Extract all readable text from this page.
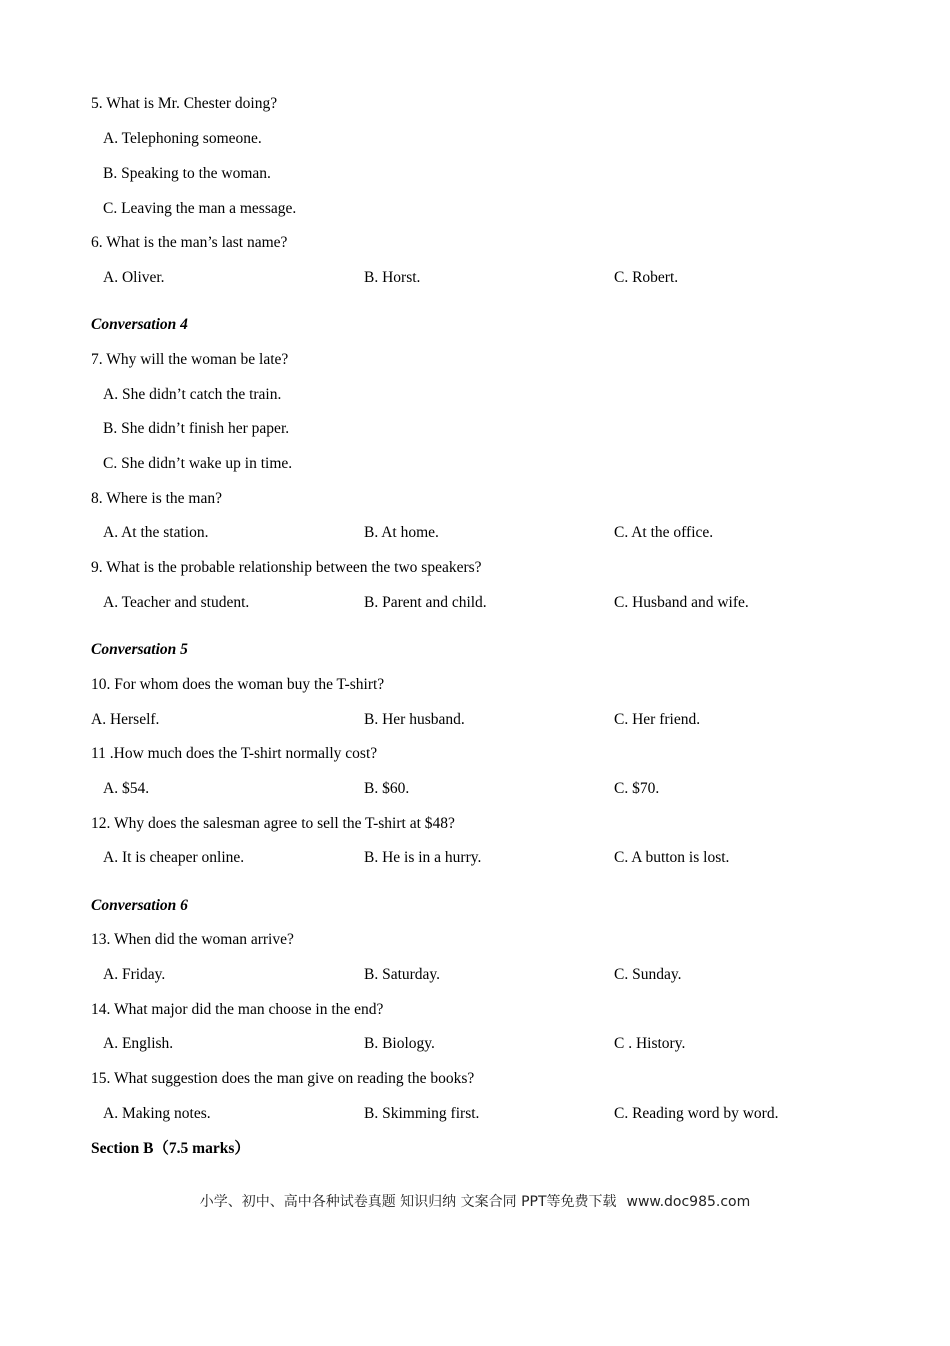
5. What is Mr. Chester doing?
A. Telephoning someone.
B. Speaking to the woman.
C. Leaving the man a message.
6. What is the man’s last name?
A. Oliver.	B. Horst.	C. Robert.
Conversation 4
7. Why will the woman be late?
A. She didn’t catch the train.
B. She didn’t finish her paper.
C. She didn’t wake up in time.
8. Where is the man?
A. At the station.	B. At home.	C. At the office.
9. What is the probable relationship between the two speakers?
A. Teacher and student.	B. Parent and child.	C. Husband and wife.
Conversation 5
10. For whom does the woman buy the T-shirt?
A. Herself.	B. Her husband.	C. Her friend.
11 .How much does the T-shirt normally cost?
A. $54.	B. $60.	C. $70.
12. Why does the salesman agree to sell the T-shirt at $48?
A. It is cheaper online.	B. He is in a hurry.	C. A button is lost.
Conversation 6
13. When did the woman arrive?
A. Friday.	B. Saturday.	C. Sunday.
14. What major did the man choose in the end?
A. English.	B. Biology.	C . History.
15. What suggestion does the man give on reading the books?
A. Making notes.	B. Skimming first.	C. Reading word by word.
Section B（7.5 marks）
小学、初中、高中各种试卷真题 知识归纳 文案合同 PPT等免费下载 www.doc985.com
